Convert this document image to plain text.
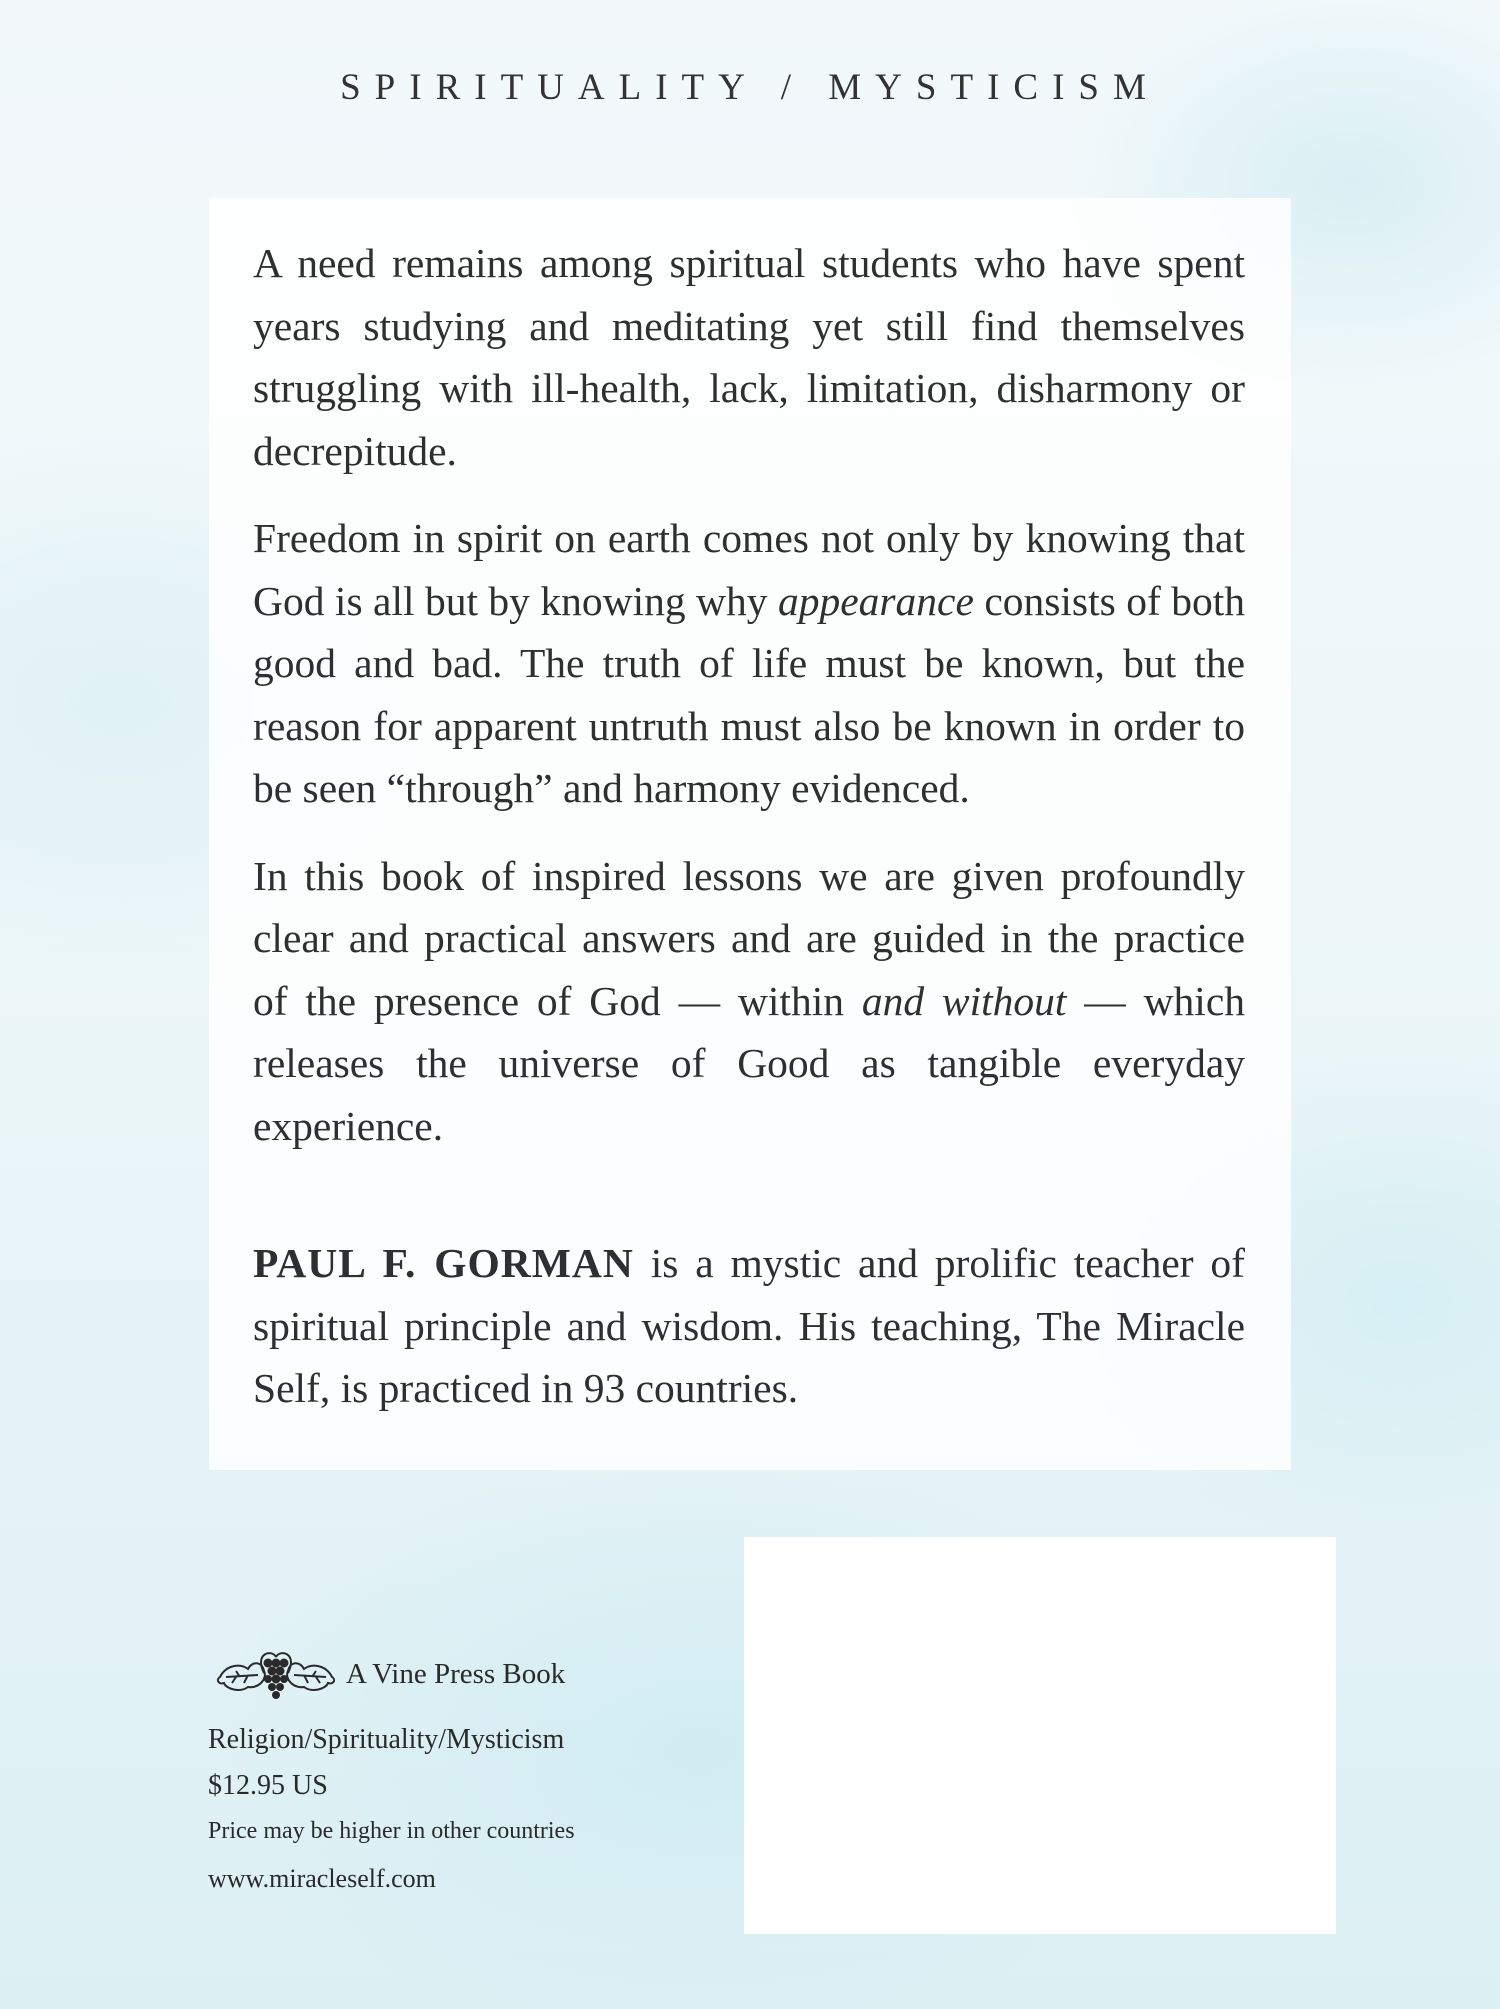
SPIRITUALITY / MYSTICISM

A need remains among spiritual students who have spent years studying and meditating yet still find themselves struggling with ill-health, lack, limitation, disharmony or decrepitude.

Freedom in spirit on earth comes not only by knowing that God is all but by knowing why appearance consists of both good and bad. The truth of life must be known, but the reason for apparent untruth must also be known in order to be seen “through” and harmony evidenced.

In this book of inspired lessons we are given profoundly clear and practical answers and are guided in the practice of the presence of God — within and without — which releases the universe of Good as tangible everyday experience.

PAUL F. GORMAN is a mystic and prolific teacher of spiritual principle and wisdom. His teaching, The Miracle Self, is practiced in 93 countries.

A Vine Press Book
Religion/Spirituality/Mysticism
$12.95 US
Price may be higher in other countries
www.miracleself.com
